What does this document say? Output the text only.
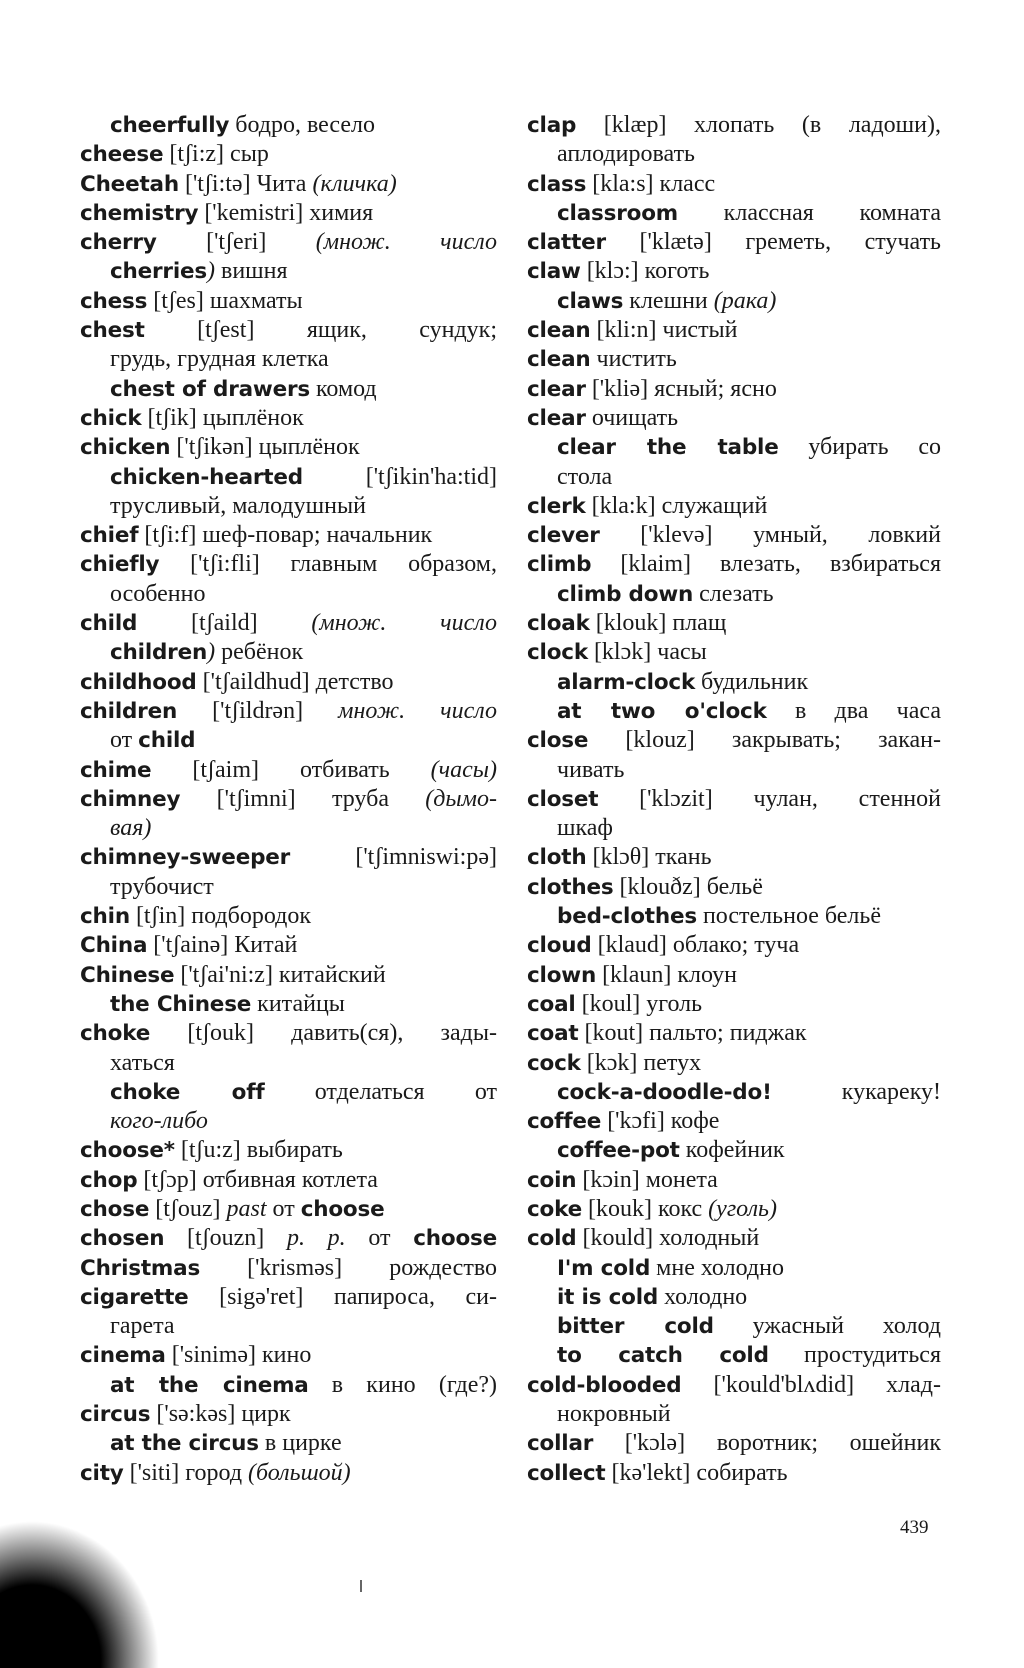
cheerfully бодро, весело
cheese [tʃi:z] сыр
Cheetah ['tʃi:tə] Чита (кличка)
chemistry ['kemistri] химия
cherry ['tʃeri] (множ. число
cherries) вишня
chess [tʃes] шахматы
chest [tʃest] ящик, сундук;
грудь, грудная клетка
chest of drawers комод
chick [tʃik] цыплёнок
chicken ['tʃikən] цыплёнок
chicken-hearted ['tʃikin'ha:tid]
трусливый, малодушный
chief [tʃi:f] шеф-повар; начальник
chiefly ['tʃi:fli] главным образом,
особенно
child [tʃaild] (множ. число
children) ребёнок
childhood ['tʃaildhud] детство
children ['tʃildrən] множ. число
от child
chime [tʃaim] отбивать (часы)
chimney ['tʃimni] труба (дымо-
вая)
chimney-sweeper ['tʃimniswi:pə]
трубочист
chin [tʃin] подбородок
China ['tʃainə] Китай
Chinese ['tʃai'ni:z] китайский
the Chinese китайцы
choke [tʃouk] давить(ся), зады-
хаться
choke off отделаться от
кого-либо
choose* [tʃu:z] выбирать
chop [tʃɔp] отбивная котлета
chose [tʃouz] past от choose
chosen [tʃouzn] p. p. от choose
Christmas ['krisməs] рождество
cigarette [sigə'ret] папироса, си-
гарета
cinema ['sinimə] кино
at the cinema в кино (где?)
circus ['sə:kəs] цирк
at the circus в цирке
city ['siti] город (большой)
clap [klæp] хлопать (в ладоши),
аплодировать
class [kla:s] класс
classroom классная комната
clatter ['klætə] греметь, стучать
claw [klɔ:] коготь
claws клешни (рака)
clean [kli:n] чистый
clean чистить
clear ['kliə] ясный; ясно
clear очищать
clear the table убирать со
стола
clerk [kla:k] служащий
clever ['klevə] умный, ловкий
climb [klaim] влезать, взбираться
climb down слезать
cloak [klouk] плащ
clock [klɔk] часы
alarm-clock будильник
at two o'clock в два часа
close [klouz] закрывать; закан-
чивать
closet ['klɔzit] чулан, стенной
шкаф
cloth [klɔθ] ткань
clothes [klouðz] бельё
bed-clothes постельное бельё
cloud [klaud] облако; туча
clown [klaun] клоун
coal [koul] уголь
coat [kout] пальто; пиджак
cock [kɔk] петух
cock-a-doodle-do! кукареку!
coffee ['kɔfi] кофе
coffee-pot кофейник
coin [kɔin] монета
coke [kouk] кокс (уголь)
cold [kould] холодный
I'm cold мне холодно
it is cold холодно
bitter cold ужасный холод
to catch cold простудиться
cold-blooded ['kould'blʌdid] хлад-
нокровный
collar ['kɔlə] воротник; ошейник
collect [kə'lekt] собирать
439
